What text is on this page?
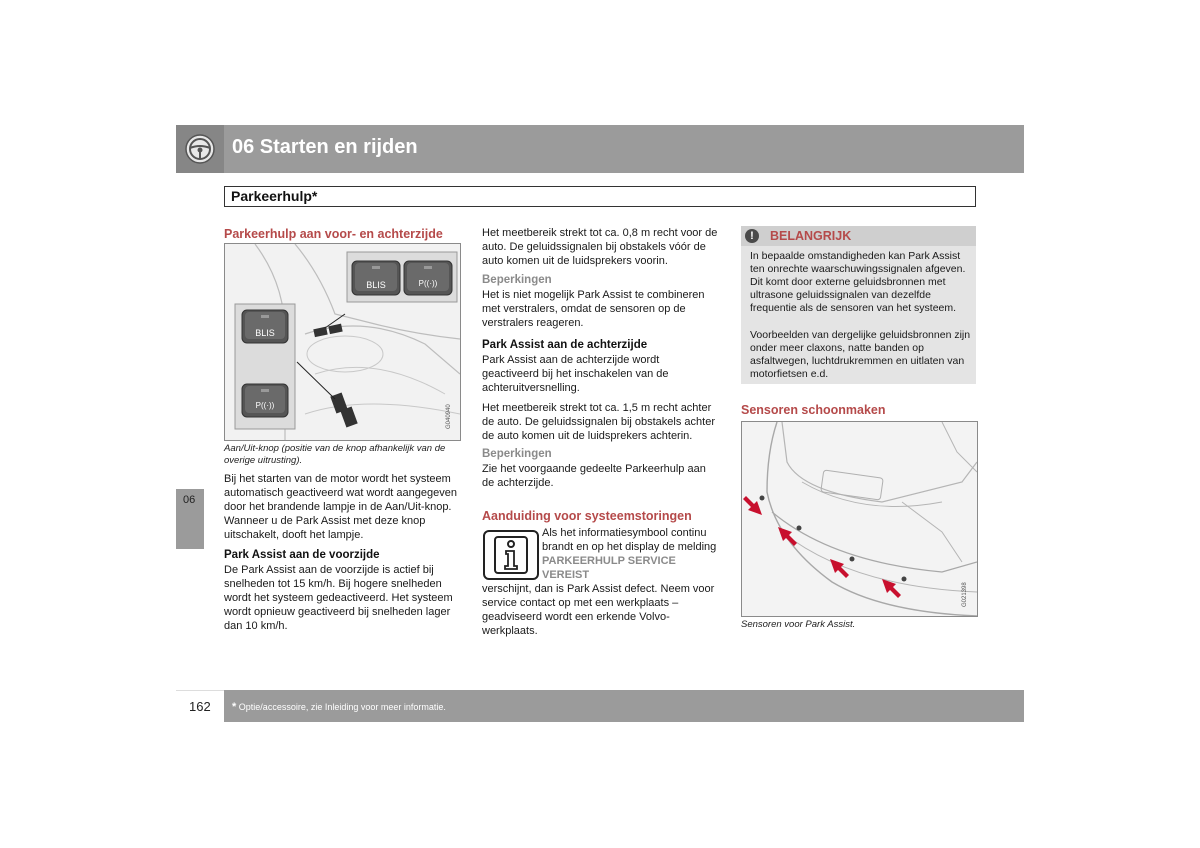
06 Starten en rijden
Parkeerhulp*
06
Parkeerhulp aan voor- en achterzijde
BLIS
P((·))
BLIS	P((·))
G040940
Aan/Uit-knop (positie van de knop afhankelijk van de overige uitrusting).

Bij het starten van de motor wordt het systeem automatisch geactiveerd wat wordt aangegeven door het brandende lampje in de Aan/Uit-knop. Wanneer u de Park Assist met deze knop uitschakelt, dooft het lampje.

Park Assist aan de voorzijde

De Park Assist aan de voorzijde is actief bij snelheden tot 15 km/h. Bij hogere snelheden wordt het systeem gedeactiveerd. Het systeem wordt opnieuw geactiveerd bij snelheden lager dan 10 km/h.

Het meetbereik strekt tot ca. 0,8 m recht voor de auto. De geluidssignalen bij obstakels vóór de auto komen uit de luidsprekers voorin.

Beperkingen

Het is niet mogelijk Park Assist te combineren met verstralers, omdat de sensoren op de verstralers reageren.

Park Assist aan de achterzijde

Park Assist aan de achterzijde wordt geactiveerd bij het inschakelen van de achteruitversnelling.

Het meetbereik strekt tot ca. 1,5 m recht achter de auto. De geluidssignalen bij obstakels achter de auto komen uit de luidsprekers achterin.

Beperkingen

Zie het voorgaande gedeelte Parkeerhulp aan de achterzijde.

Aanduiding voor systeemstoringen

Als het informatiesymbool continu brandt en op het display de melding PARKEERHULP SERVICE VEREIST

verschijnt, dan is Park Assist defect. Neem voor service contact op met een werkplaats – geadviseerd wordt een erkende Volvo-werkplaats.

!	BELANGRIJK

In bepaalde omstandigheden kan Park Assist ten onrechte waarschuwingssignalen afgeven. Dit komt door externe geluidsbronnen met ultrasone geluidssignalen van dezelfde frequentie als de sensoren van het systeem.

Voorbeelden van dergelijke geluidsbronnen zijn onder meer claxons, natte banden op asfaltwegen, luchtdrukremmen en uitlaten van motorfietsen e.d.

Sensoren schoonmaken
G021398
Sensoren voor Park Assist.
162 * Optie/accessoire, zie Inleiding voor meer informatie.
